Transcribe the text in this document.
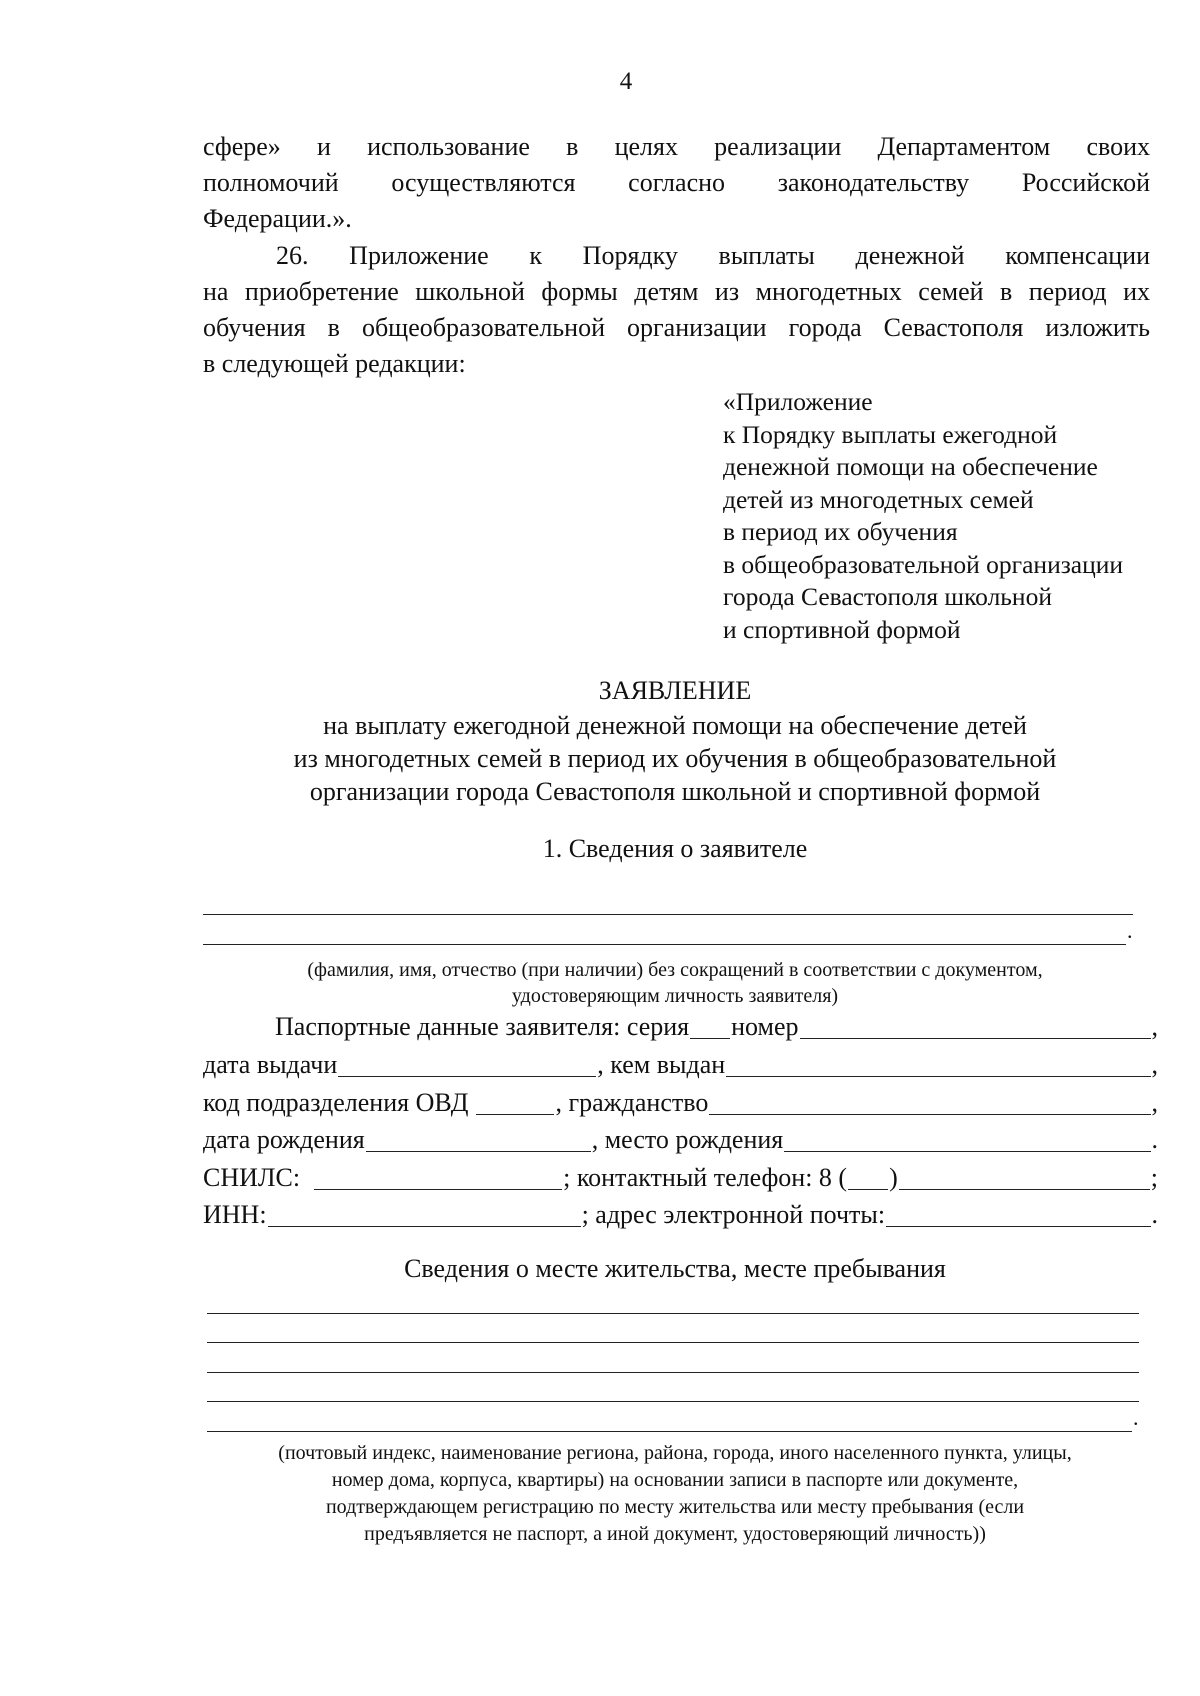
4
сфере» и использование в целях реализации Департаментом своих
полномочий осуществляются согласно законодательству Российской
Федерации.».
26. Приложение к Порядку выплаты денежной компенсации
на приобретение школьной формы детям из многодетных семей в период их
обучения в общеобразовательной организации города Севастополя изложить
в следующей редакции:
«Приложение
к Порядку выплаты ежегодной
денежной помощи на обеспечение
детей из многодетных семей
в период их обучения
в общеобразовательной организации
города Севастополя школьной
и спортивной формой
ЗАЯВЛЕНИЕ
на выплату ежегодной денежной помощи на обеспечение детей
из многодетных семей в период их обучения в общеобразовательной
организации города Севастополя школьной и спортивной формой
1. Сведения о заявителе
.
(фамилия, имя, отчество (при наличии) без сокращений в соответствии с документом,
удостоверяющим личность заявителя)
Паспортные данные заявителя: серия номер	,
дата выдачи	, кем выдан	,
код подразделения ОВД	, гражданство	,
дата рождения	, место рождения	.
СНИЛС:	; контактный телефон: 8 ( )	;
ИНН:	; адрес электронной почты:	.
Сведения о месте жительства, месте пребывания
.
(почтовый индекс, наименование региона, района, города, иного населенного пункта, улицы,
номер дома, корпуса, квартиры) на основании записи в паспорте или документе,
подтверждающем регистрацию по месту жительства или месту пребывания (если
предъявляется не паспорт, а иной документ, удостоверяющий личность))
